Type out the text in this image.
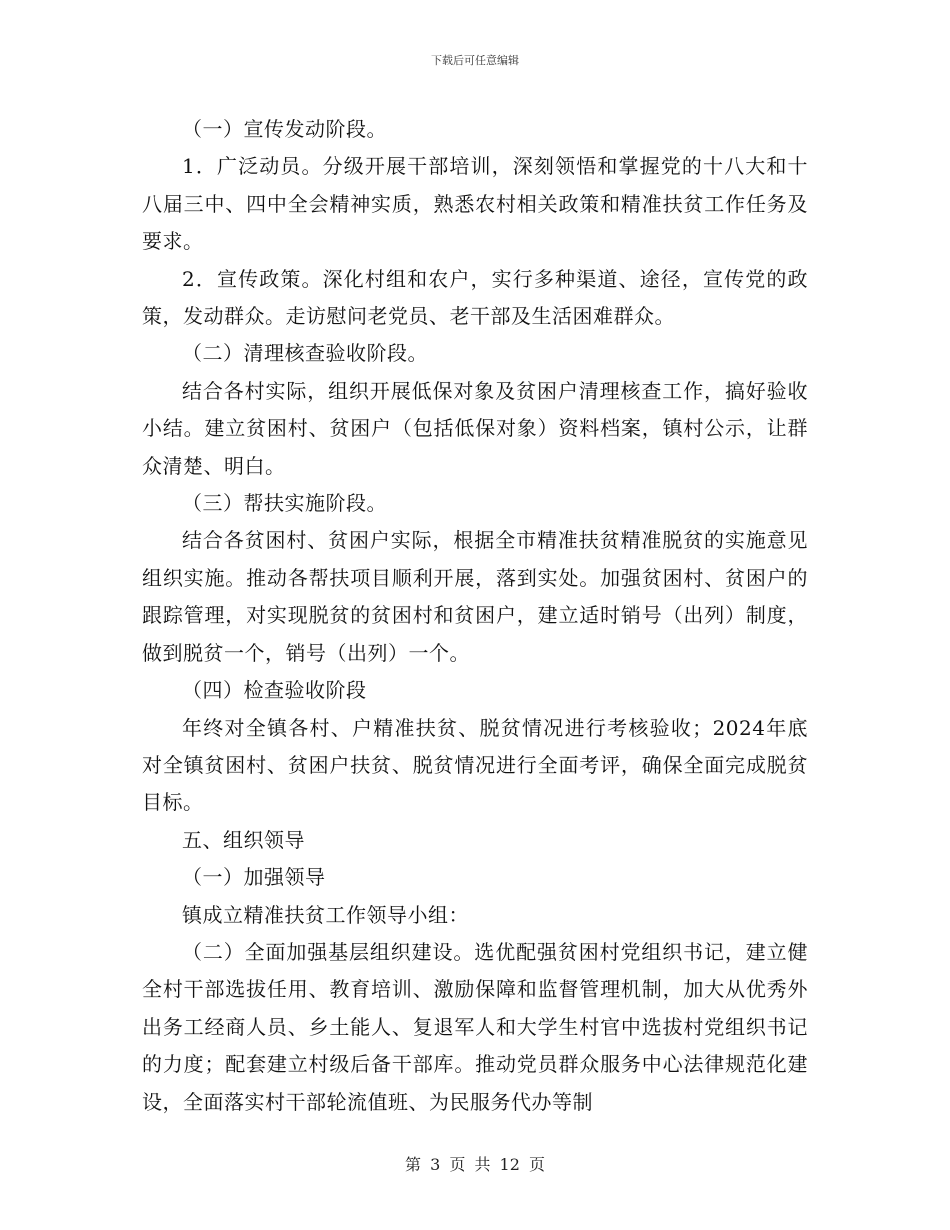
下载后可任意编辑

（一）宣传发动阶段。

1．广泛动员。分级开展干部培训，深刻领悟和掌握党的十八大和十八届三中、四中全会精神实质，熟悉农村相关政策和精准扶贫工作任务及要求。

2．宣传政策。深化村组和农户，实行多种渠道、途径，宣传党的政策，发动群众。走访慰问老党员、老干部及生活困难群众。

（二）清理核查验收阶段。

结合各村实际，组织开展低保对象及贫困户清理核查工作，搞好验收小结。建立贫困村、贫困户（包括低保对象）资料档案，镇村公示，让群众清楚、明白。

（三）帮扶实施阶段。

结合各贫困村、贫困户实际，根据全市精准扶贫精准脱贫的实施意见组织实施。推动各帮扶项目顺利开展，落到实处。加强贫困村、贫困户的跟踪管理，对实现脱贫的贫困村和贫困户，建立适时销号（出列）制度，做到脱贫一个，销号（出列）一个。

（四）检查验收阶段

年终对全镇各村、户精准扶贫、脱贫情况进行考核验收；2024年底对全镇贫困村、贫困户扶贫、脱贫情况进行全面考评，确保全面完成脱贫目标。

五、组织领导

（一）加强领导

镇成立精准扶贫工作领导小组：

（二）全面加强基层组织建设。选优配强贫困村党组织书记，建立健全村干部选拔任用、教育培训、激励保障和监督管理机制，加大从优秀外出务工经商人员、乡土能人、复退军人和大学生村官中选拔村党组织书记的力度；配套建立村级后备干部库。推动党员群众服务中心法律规范化建设，全面落实村干部轮流值班、为民服务代办等制

第 3 页 共 12 页
